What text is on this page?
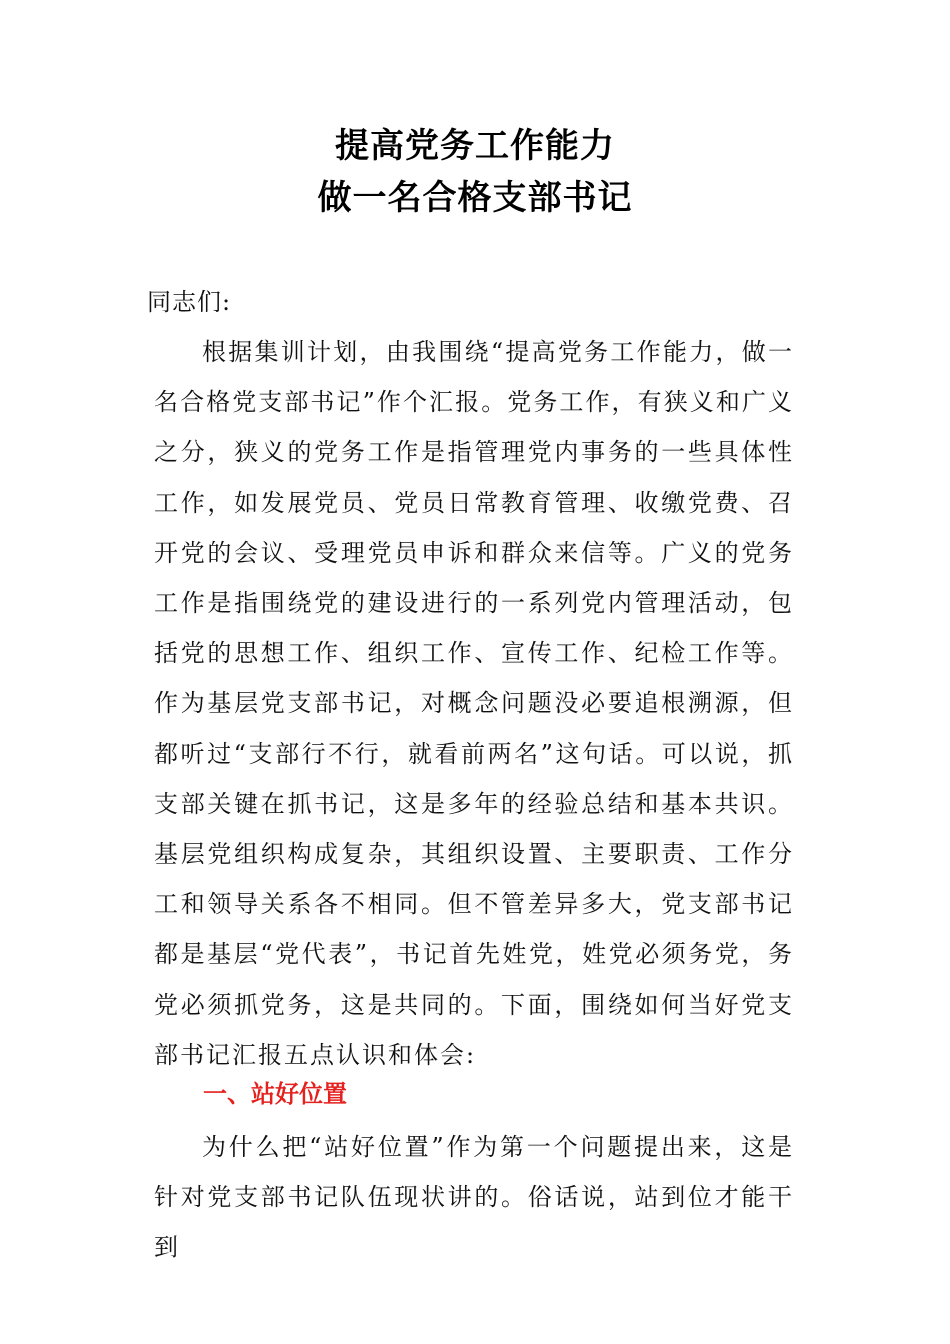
提高党务工作能力
做一名合格支部书记
同志们:

根据集训计划，由我围绕“提高党务工作能力，做一名合格党支部书记”作个汇报。党务工作，有狭义和广义之分，狭义的党务工作是指管理党内事务的一些具体性工作，如发展党员、党员日常教育管理、收缴党费、召开党的会议、受理党员申诉和群众来信等。广义的党务工作是指围绕党的建设进行的一系列党内管理活动，包括党的思想工作、组织工作、宣传工作、纪检工作等。作为基层党支部书记，对概念问题没必要追根溯源，但都听过“支部行不行，就看前两名”这句话。可以说，抓支部关键在抓书记，这是多年的经验总结和基本共识。基层党组织构成复杂，其组织设置、主要职责、工作分工和领导关系各不相同。但不管差异多大，党支部书记都是基层“党代表”，书记首先姓党，姓党必须务党，务党必须抓党务，这是共同的。下面，围绕如何当好党支部书记汇报五点认识和体会:

一、站好位置

为什么把“站好位置”作为第一个问题提出来，这是针对党支部书记队伍现状讲的。俗话说，站到位才能干到
